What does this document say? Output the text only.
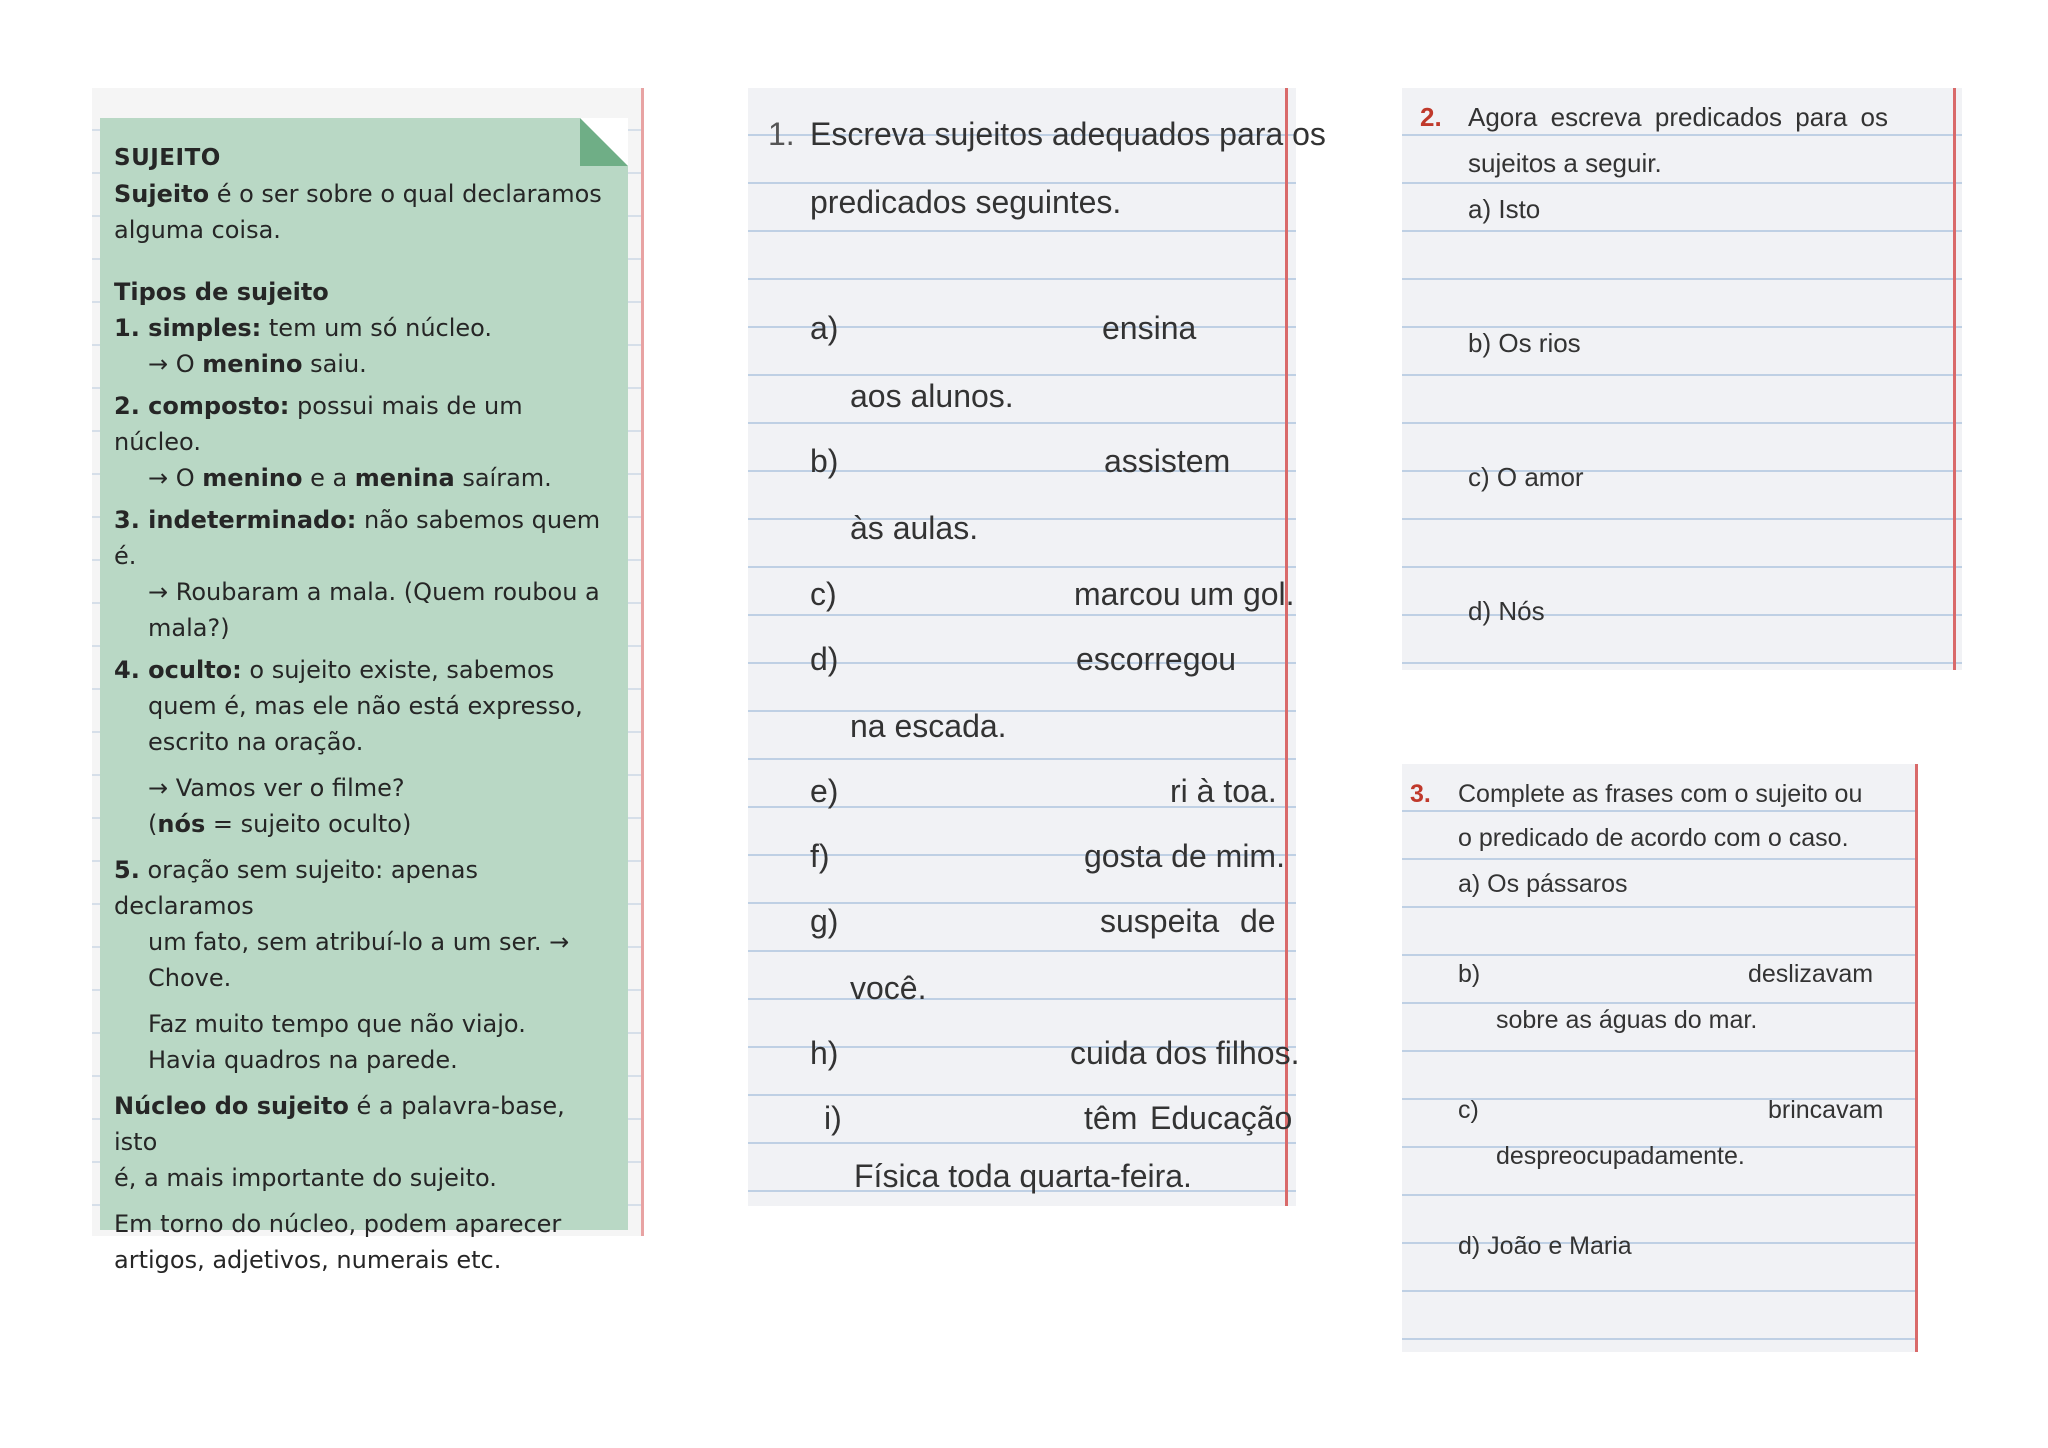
SUJEITO
Sujeito é o ser sobre o qual declaramos alguma coisa.
Tipos de sujeito
1. simples: tem um só núcleo.
→ O menino saiu.
2. composto: possui mais de um núcleo.
→ O menino e a menina saíram.
3. indeterminado: não sabemos quem é.
→ Roubaram a mala. (Quem roubou a
mala?)
4. oculto: o sujeito existe, sabemos
quem é, mas ele não está expresso,
escrito na oração.
→ Vamos ver o filme?
(nós = sujeito oculto)
5. oração sem sujeito: apenas declaramos
um fato, sem atribuí-lo a um ser. →
Chove.
Faz muito tempo que não viajo.
Havia quadros na parede.
Núcleo do sujeito é a palavra-base, isto
é, a mais importante do sujeito.
Em torno do núcleo, podem aparecer
artigos, adjetivos, numerais etc.
1. Escreva sujeitos adequados para os
predicados seguintes.
a)	ensina
aos alunos.
b)	assistem
às aulas.
c)	marcou um gol.
d)	escorregou
na escada.
e)	ri à toa.
f)	gosta de mim.
g)	suspeita de
você.
h)	cuida dos filhos.
i)	têm Educação
Física toda quarta-feira.
2. Agora escreva predicados para os
sujeitos a seguir.
a) Isto
b) Os rios
c) O amor
d) Nós
3. Complete as frases com o sujeito ou
o predicado de acordo com o caso.
a) Os pássaros
b)	deslizavam
sobre as águas do mar.
c)	brincavam
despreocupadamente.
d) João e Maria
